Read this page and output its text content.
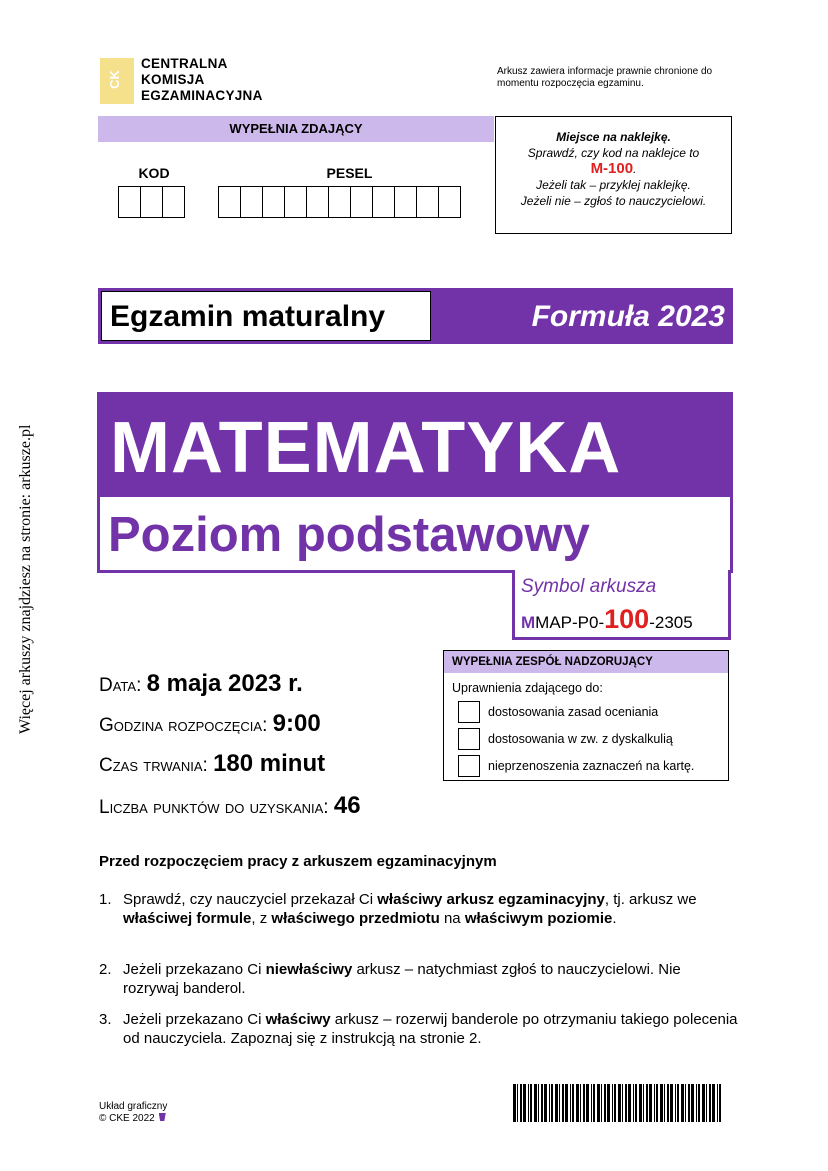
CK
CENTRALNA
KOMISJA
EGZAMINACYJNA
Arkusz zawiera informacje prawnie chronione do momentu rozpoczęcia egzaminu.
WYPEŁNIA ZDAJĄCY
KOD	PESEL
Miejsce na naklejkę.
Sprawdź, czy kod na naklejce to
M-100.
Jeżeli tak – przyklej naklejkę.
Jeżeli nie – zgłoś to nauczycielowi.
Egzamin maturalny	Formuła 2023
MATEMATYKA
Poziom podstawowy
Symbol arkusza
MMAP-P0-100-2305
Data: 8 maja 2023 r.
Godzina rozpoczęcia: 9:00
Czas trwania: 180 minut
Liczba punktów do uzyskania: 46
WYPEŁNIA ZESPÓŁ NADZORUJĄCY
Uprawnienia zdającego do:
dostosowania zasad oceniania
dostosowania w zw. z dyskalkulią
nieprzenoszenia zaznaczeń na kartę.
Przed rozpoczęciem pracy z arkuszem egzaminacyjnym
1. Sprawdź, czy nauczyciel przekazał Ci właściwy arkusz egzaminacyjny, tj. arkusz we właściwej formule, z właściwego przedmiotu na właściwym poziomie.
2. Jeżeli przekazano Ci niewłaściwy arkusz – natychmiast zgłoś to nauczycielowi. Nie rozrywaj banderol.
3. Jeżeli przekazano Ci właściwy arkusz – rozerwij banderole po otrzymaniu takiego polecenia od nauczyciela. Zapoznaj się z instrukcją na stronie 2.
Układ graficzny
© CKE 2022
Więcej arkuszy znajdziesz na stronie: arkusze.pl
